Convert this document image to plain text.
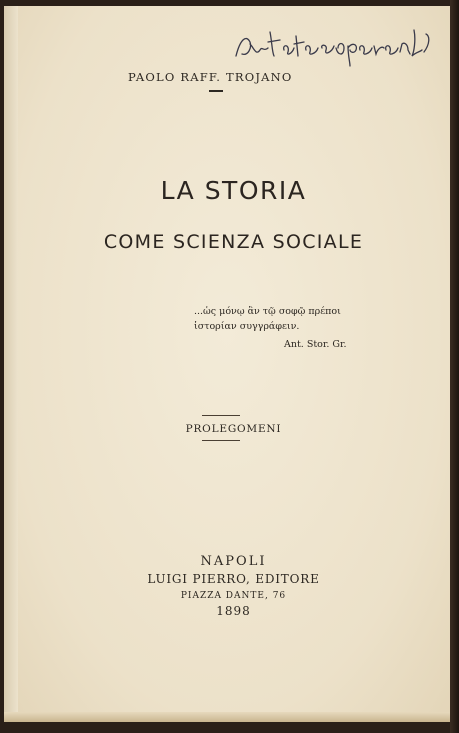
PAOLO RAFF. TROJANO
LA STORIA
COME SCIENZA SOCIALE
...ὡς μόνῳ ἂν τῷ σοφῷ πρέποι
ἱστορίαν συγγράφειν.
Ant. Stor. Gr.
PROLEGOMENI
NAPOLI
LUIGI PIERRO, EDITORE
PIAZZA DANTE, 76
1898
